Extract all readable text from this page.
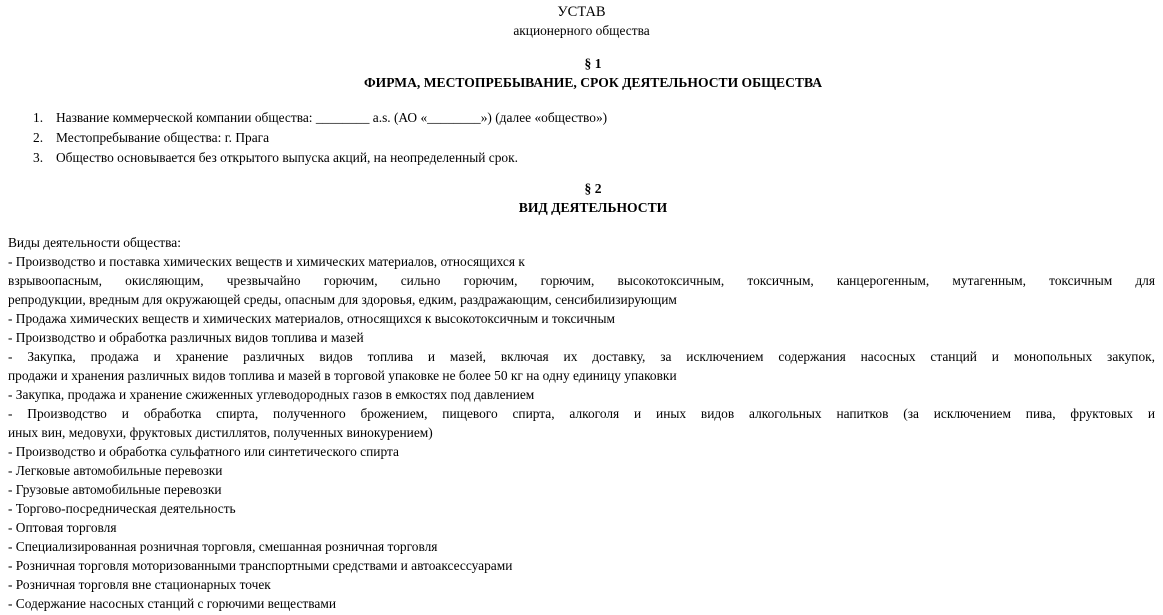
УСТАВ
акционерного общества
§ 1
ФИРМА, МЕСТОПРЕБЫВАНИЕ, СРОК ДЕЯТЕЛЬНОСТИ ОБЩЕСТВА
1. Название коммерческой компании общества: ________ a.s. (АО «________») (далее «общество»)
2. Местопребывание общества: г. Прага
3. Общество основывается без открытого выпуска акций, на неопределенный срок.
§ 2
ВИД ДЕЯТЕЛЬНОСТИ
Виды деятельности общества:
- Производство и поставка химических веществ и химических материалов, относящихся к
взрывоопасным, окисляющим, чрезвычайно горючим, сильно горючим, горючим, высокотоксичным, токсичным, канцерогенным, мутагенным, токсичным для
репродукции, вредным для окружающей среды, опасным для здоровья, едким, раздражающим, сенсибилизирующим
- Продажа химических веществ и химических материалов, относящихся к высокотоксичным и токсичным
- Производство и обработка различных видов топлива и мазей
- Закупка, продажа и хранение различных видов топлива и мазей, включая их доставку, за исключением содержания насосных станций и монопольных закупок,
продажи и хранения различных видов топлива и мазей в торговой упаковке не более 50 кг на одну единицу упаковки
- Закупка, продажа и хранение сжиженных углеводородных газов в емкостях под давлением
- Производство и обработка спирта, полученного брожением, пищевого спирта, алкоголя и иных видов алкогольных напитков (за исключением пива, фруктовых и
иных вин, медовухи, фруктовых дистиллятов, полученных винокурением)
- Производство и обработка сульфатного или синтетического спирта
- Легковые автомобильные перевозки
- Грузовые автомобильные перевозки
- Торгово-посредническая деятельность
- Оптовая торговля
- Специализированная розничная торговля, смешанная розничная торговля
- Розничная торговля моторизованными транспортными средствами и автоаксессуарами
- Розничная торговля вне стационарных точек
- Содержание насосных станций с горючими веществами
